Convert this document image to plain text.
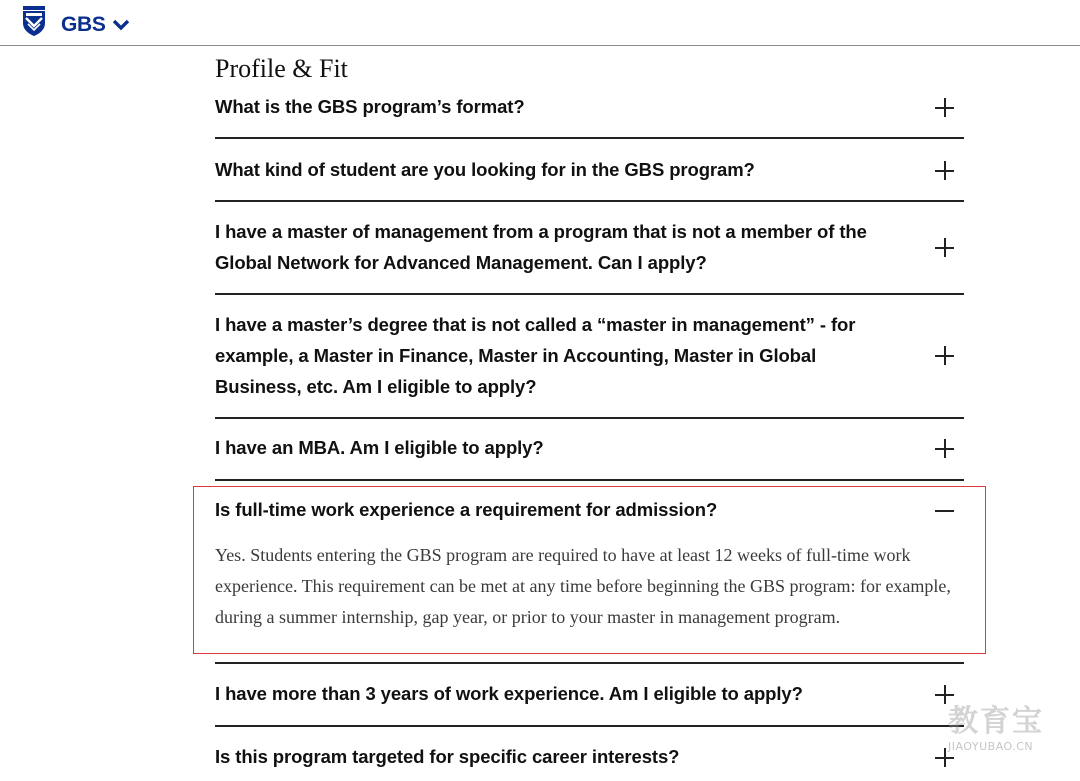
GBS
Profile & Fit
What is the GBS program’s format?
What kind of student are you looking for in the GBS program?
I have a master of management from a program that is not a member of the Global Network for Advanced Management. Can I apply?
I have a master’s degree that is not called a “master in management” - for example, a Master in Finance, Master in Accounting, Master in Global Business, etc. Am I eligible to apply?
I have an MBA. Am I eligible to apply?
Is full-time work experience a requirement for admission?

Yes. Students entering the GBS program are required to have at least 12 weeks of full-time work experience. This requirement can be met at any time before beginning the GBS program: for example, during a summer internship, gap year, or prior to your master in management program.

I have more than 3 years of work experience. Am I eligible to apply?
Is this program targeted for specific career interests?
教育宝
JIAOYUBAO.CN
